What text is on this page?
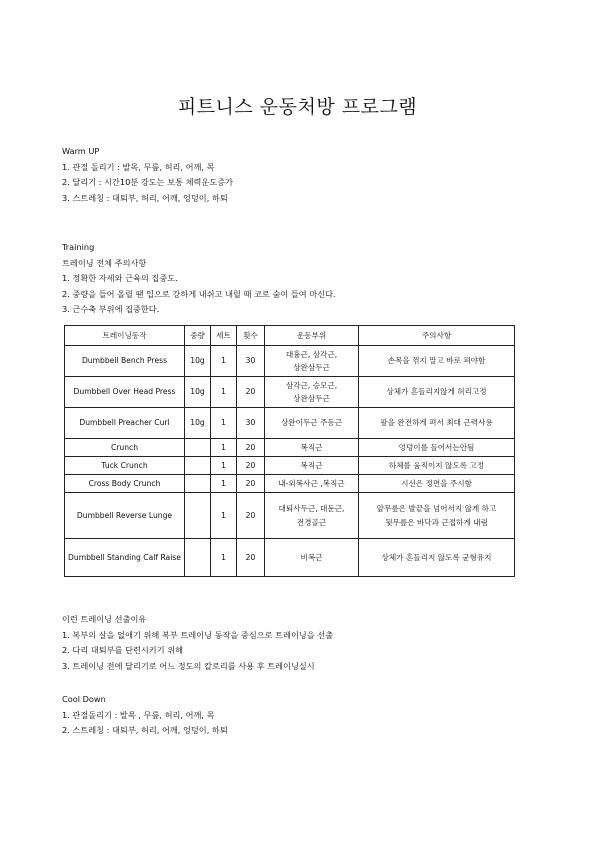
피트니스 운동처방 프로그램
Warm UP
1. 관절 돌리기 : 발목, 무릎, 허리, 어깨, 목
2. 달리기 : 시간10분 강도는 보통 체력운도증가
3. 스트레칭 : 대퇴부, 허리, 어깨, 엉덩이, 하퇴
Training
트레이닝 전체 주의사항
1. 정확한 자세와 근육의 집중도.
2. 중량을 들어 올릴 땐 입으로 강하게 내쉬고 내릴 때 코로 숨이 들여 마신다.
3. 근수축 부위에 집중한다.
트레이닝동작	중량	세트	횟수	운동부위	주의사항
Dumbbell Bench Press	10g	1	30	대흉근, 삼각근, 상완삼두근	손목을 꺾지 말고 바로 펴야함
Dumbbell Over Head Press	10g	1	20	삼각근, 승모근, 상완삼두근	상체가 흔들리지않게 허리고정
Dumbbell Preacher Curl	10g	1	30	상완이두근 주동근	팔을 완전하게 펴서 최대 근력사용
Crunch		1	20	복직근	엉덩이를 들어서는안됨
Tuck Crunch		1	20	복직근	하체를 움직이지 않도록 고정
Cross Body Crunch		1	20	내-외복사근 ,복직근	시선은 정면을 주시함
Dumbbell Reverse Lunge		1	20	대퇴사두근, 대둔근, 전경골근	앞무릎은 발끝을 넘어서지 않게 하고 뒷무릎은 바닥과 근접하게 내림
Dumbbell Standing Calf Raise		1	20	비복근	상체가 흔들리지 않도록 균형유지
이런 트레이닝 선출이유
1. 복부의 살을 없애기 위해 복부 트레이닝 동작을 중심으로 트레이닝을 선출
2. 다리 대퇴부를 단련시키기 위해
3. 트레이닝 전에 달리기로 어느 정도의 칼로리를 사용 후 트레이닝실시
Cool Down
1. 관절돌리기 : 발목 , 무릎, 허리, 어깨, 목
2. 스트레칭 : 대퇴부, 허리, 어깨, 엉덩이, 하퇴
